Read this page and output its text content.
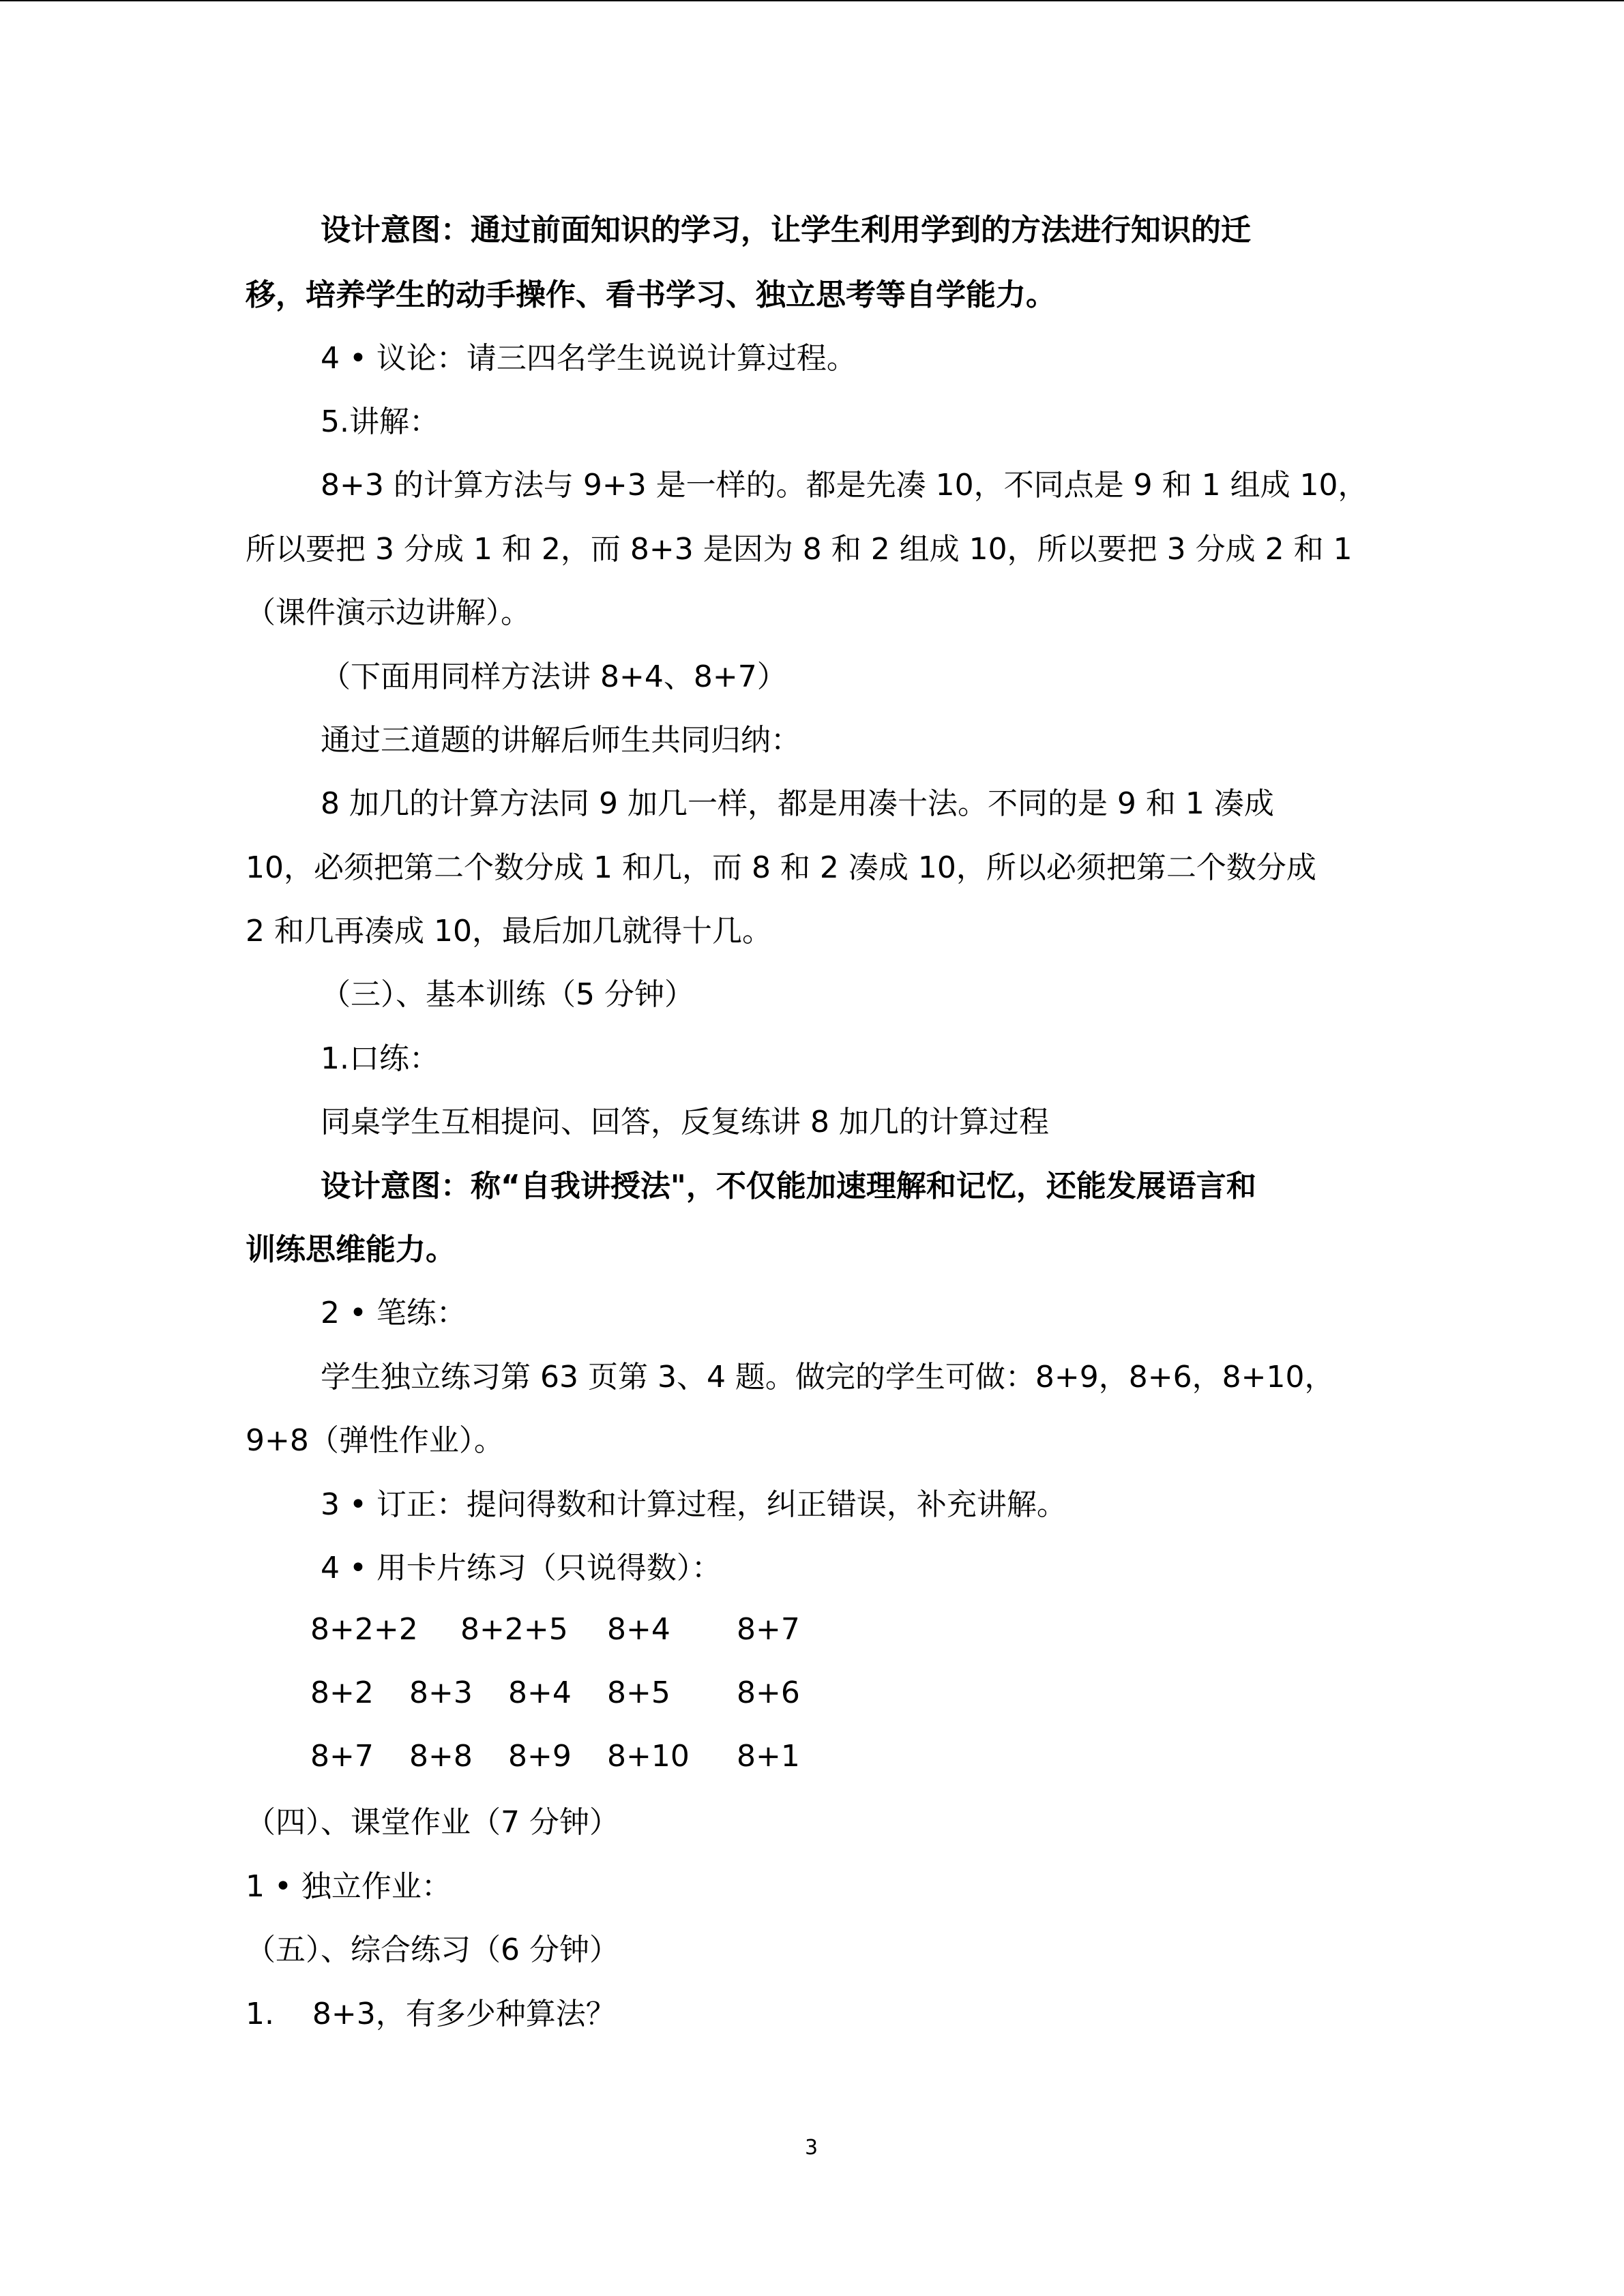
设计意图：通过前面知识的学习，让学生利用学到的方法进行知识的迁
移，培养学生的动手操作、看书学习、独立思考等自学能力。
4 • 议论：请三四名学生说说计算过程。
5.讲解：
8+3 的计算方法与 9+3 是一样的。都是先凑 10，不同点是 9 和 1 组成 10，
所以要把 3 分成 1 和 2，而 8+3 是因为 8 和 2 组成 10，所以要把 3 分成 2 和 1
（课件演示边讲解）。
（下面用同样方法讲 8+4、8+7）
通过三道题的讲解后师生共同归纳：
8 加几的计算方法同 9 加几一样，都是用凑十法。不同的是 9 和 1 凑成
10，必须把第二个数分成 1 和几，而 8 和 2 凑成 10，所以必须把第二个数分成
2 和几再凑成 10，最后加几就得十几。
（三）、基本训练（5 分钟）
1.口练：
同桌学生互相提问、回答，反复练讲 8 加几的计算过程
设计意图：称“自我讲授法"，不仅能加速理解和记忆，还能发展语言和
训练思维能力。
2 • 笔练：
学生独立练习第 63 页第 3、4 题。做完的学生可做：8+9，8+6，8+10，
9+8（弹性作业）。
3 • 订正：提问得数和计算过程，纠正错误，补充讲解。
4 • 用卡片练习（只说得数）：
8+2+2 8+2+5 8+4 8+7
8+2 8+3 8+4 8+5 8+6
8+7 8+8 8+9 8+10 8+1
（四）、课堂作业（7 分钟）
1 • 独立作业：
（五）、综合练习（6 分钟）
1.    8+3，有多少种算法？
3
